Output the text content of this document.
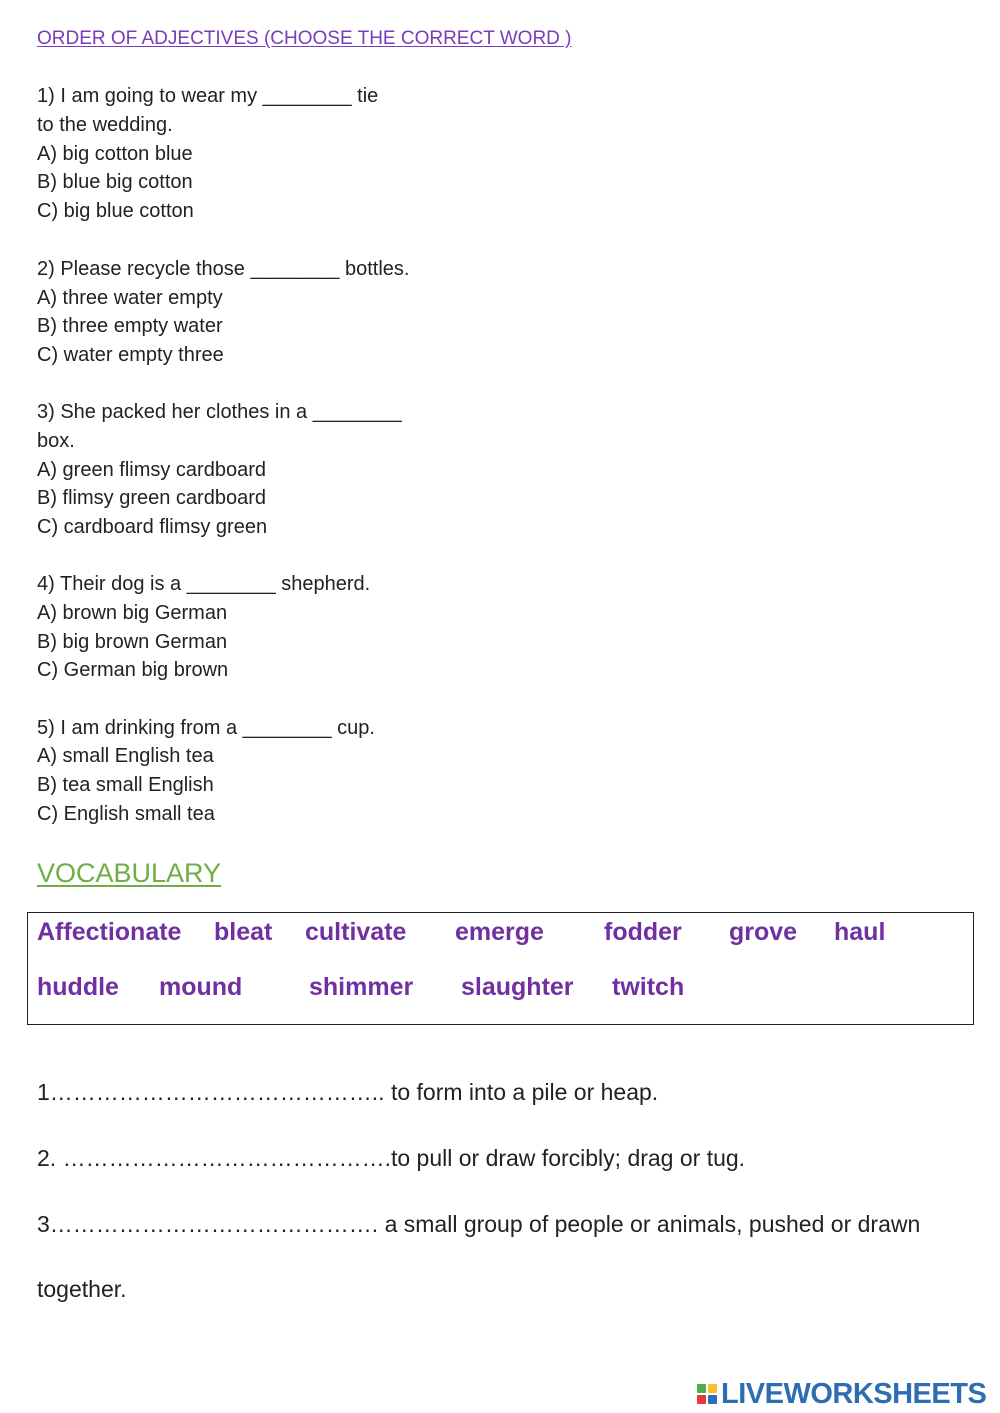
ORDER OF ADJECTIVES (CHOOSE THE CORRECT WORD )
1) I am going to wear my ________ tie
to the wedding.
A) big cotton blue
B) blue big cotton
C) big blue cotton
2) Please recycle those ________ bottles.
A) three water empty
B) three empty water
C) water empty three
3) She packed her clothes in a ________
box.
A) green flimsy cardboard
B) flimsy green cardboard
C) cardboard flimsy green
4) Their dog is a ________ shepherd.
A) brown big German
B) big brown German
C) German big brown
5) I am drinking from a ________ cup.
A) small English tea
B) tea small English
C) English small tea
VOCABULARY
Affectionate bleat cultivate emerge fodder grove haul
huddle mound	shimmer slaughter twitch
1…………………………………….. to form into a pile or heap.
2. …………………………………….to pull or draw forcibly; drag or tug.
3……………………………………. a small group of people or animals, pushed or drawn
together.
LIVEWORKSHEETS
